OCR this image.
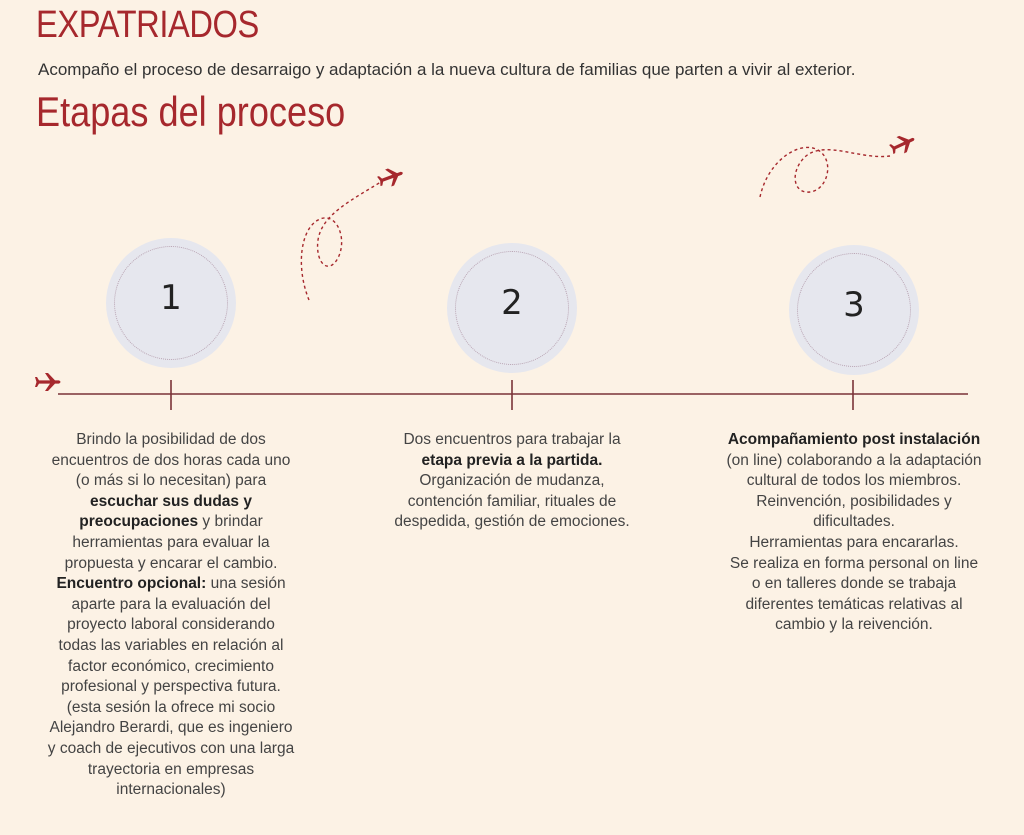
EXPATRIADOS

Acompaño el proceso de desarraigo y adaptación a la nueva cultura de familias que parten a vivir al exterior.

Etapas del proceso
1	2	3
Brindo la posibilidad de dos
encuentros de dos horas cada uno
(o más si lo necesitan) para
escuchar sus dudas y
preocupaciones y brindar
herramientas para evaluar la
propuesta y encarar el cambio.
Encuentro opcional: una sesión
aparte para la evaluación del
proyecto laboral considerando
todas las variables en relación al
factor económico, crecimiento
profesional y perspectiva futura.
(esta sesión la ofrece mi socio
Alejandro Berardi, que es ingeniero
y coach de ejecutivos con una larga
trayectoria en empresas
internacionales)
Dos encuentros para trabajar la
etapa previa a la partida.
Organización de mudanza,
contención familiar, rituales de
despedida, gestión de emociones.
Acompañamiento post instalación
(on line) colaborando a la adaptación
cultural de todos los miembros.
Reinvención, posibilidades y
dificultades.
Herramientas para encararlas.
Se realiza en forma personal on line
o en talleres donde se trabaja
diferentes temáticas relativas al
cambio y la reivención.
